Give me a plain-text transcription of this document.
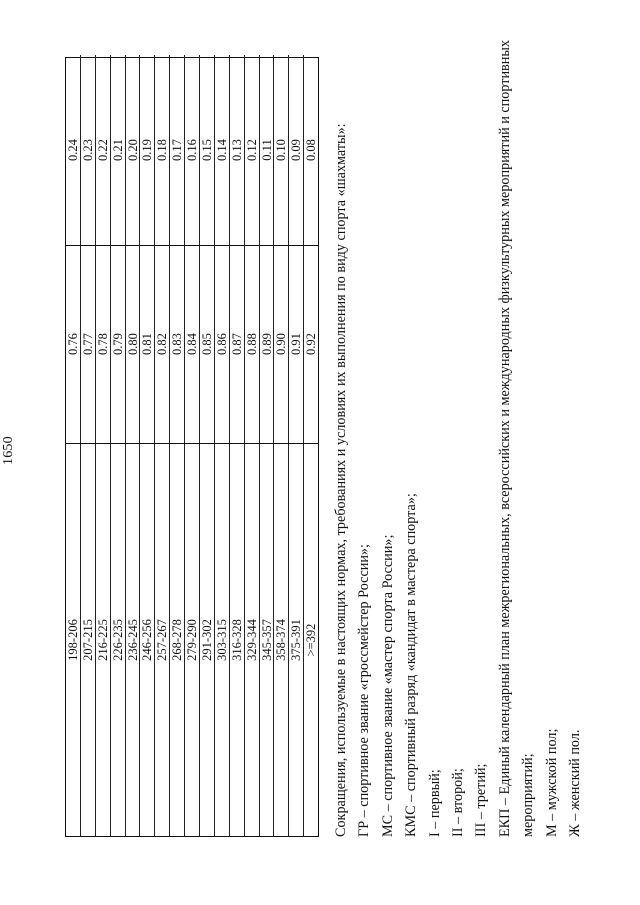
1650
198-206 207-215 216-225 226-235 236-245 246-256 257-267 268-278 279-290 291-302 303-315 316-328 329-344 345-357 358-374 375-391 >=392
0.76 0.77 0.78 0.79 0.80 0.81 0.82 0.83 0.84 0.85 0.86 0.87 0.88 0.89 0.90 0.91 0.92
0.24 0.23 0.22 0.21 0.20 0.19 0.18 0.17 0.16 0.15 0.14 0.13 0.12 0.11 0.10 0.09 0.08 Сокращения, используемые в настоящих нормах, требованиях и условиях их выполнения по виду спорта «шахматы»: ГР – спортивное звание «гроссмейстер России»; МС – спортивное звание «мастер спорта России»; КМС – спортивный разряд «кандидат в мастера спорта»; I – первый; II – второй; III – третий; ЕКП – Единый календарный план межрегиональных, всероссийских и международных физкультурных мероприятий и спортивных мероприятий; М – мужской пол; Ж – женский пол.
